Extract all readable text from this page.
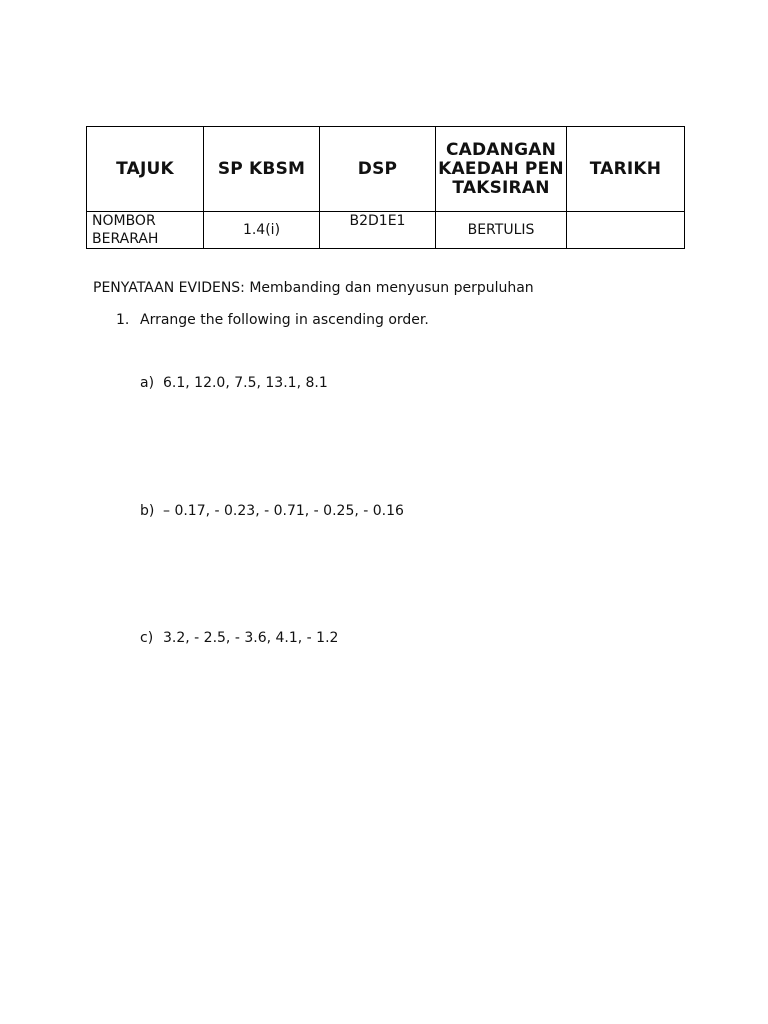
TAJUK	SP KBSM	DSP	CADANGAN KAEDAH PENTAKSIRAN	TARIKH
NOMBOR BERARAH	1.4(i)	B2D1E1	BERTULIS	
PENYATAAN EVIDENS: Membanding dan menyusun perpuluhan
1. Arrange the following in ascending order.
a) 6.1, 12.0, 7.5, 13.1, 8.1
b) – 0.17, - 0.23, - 0.71, - 0.25, - 0.16
c) 3.2, - 2.5, - 3.6, 4.1, - 1.2
